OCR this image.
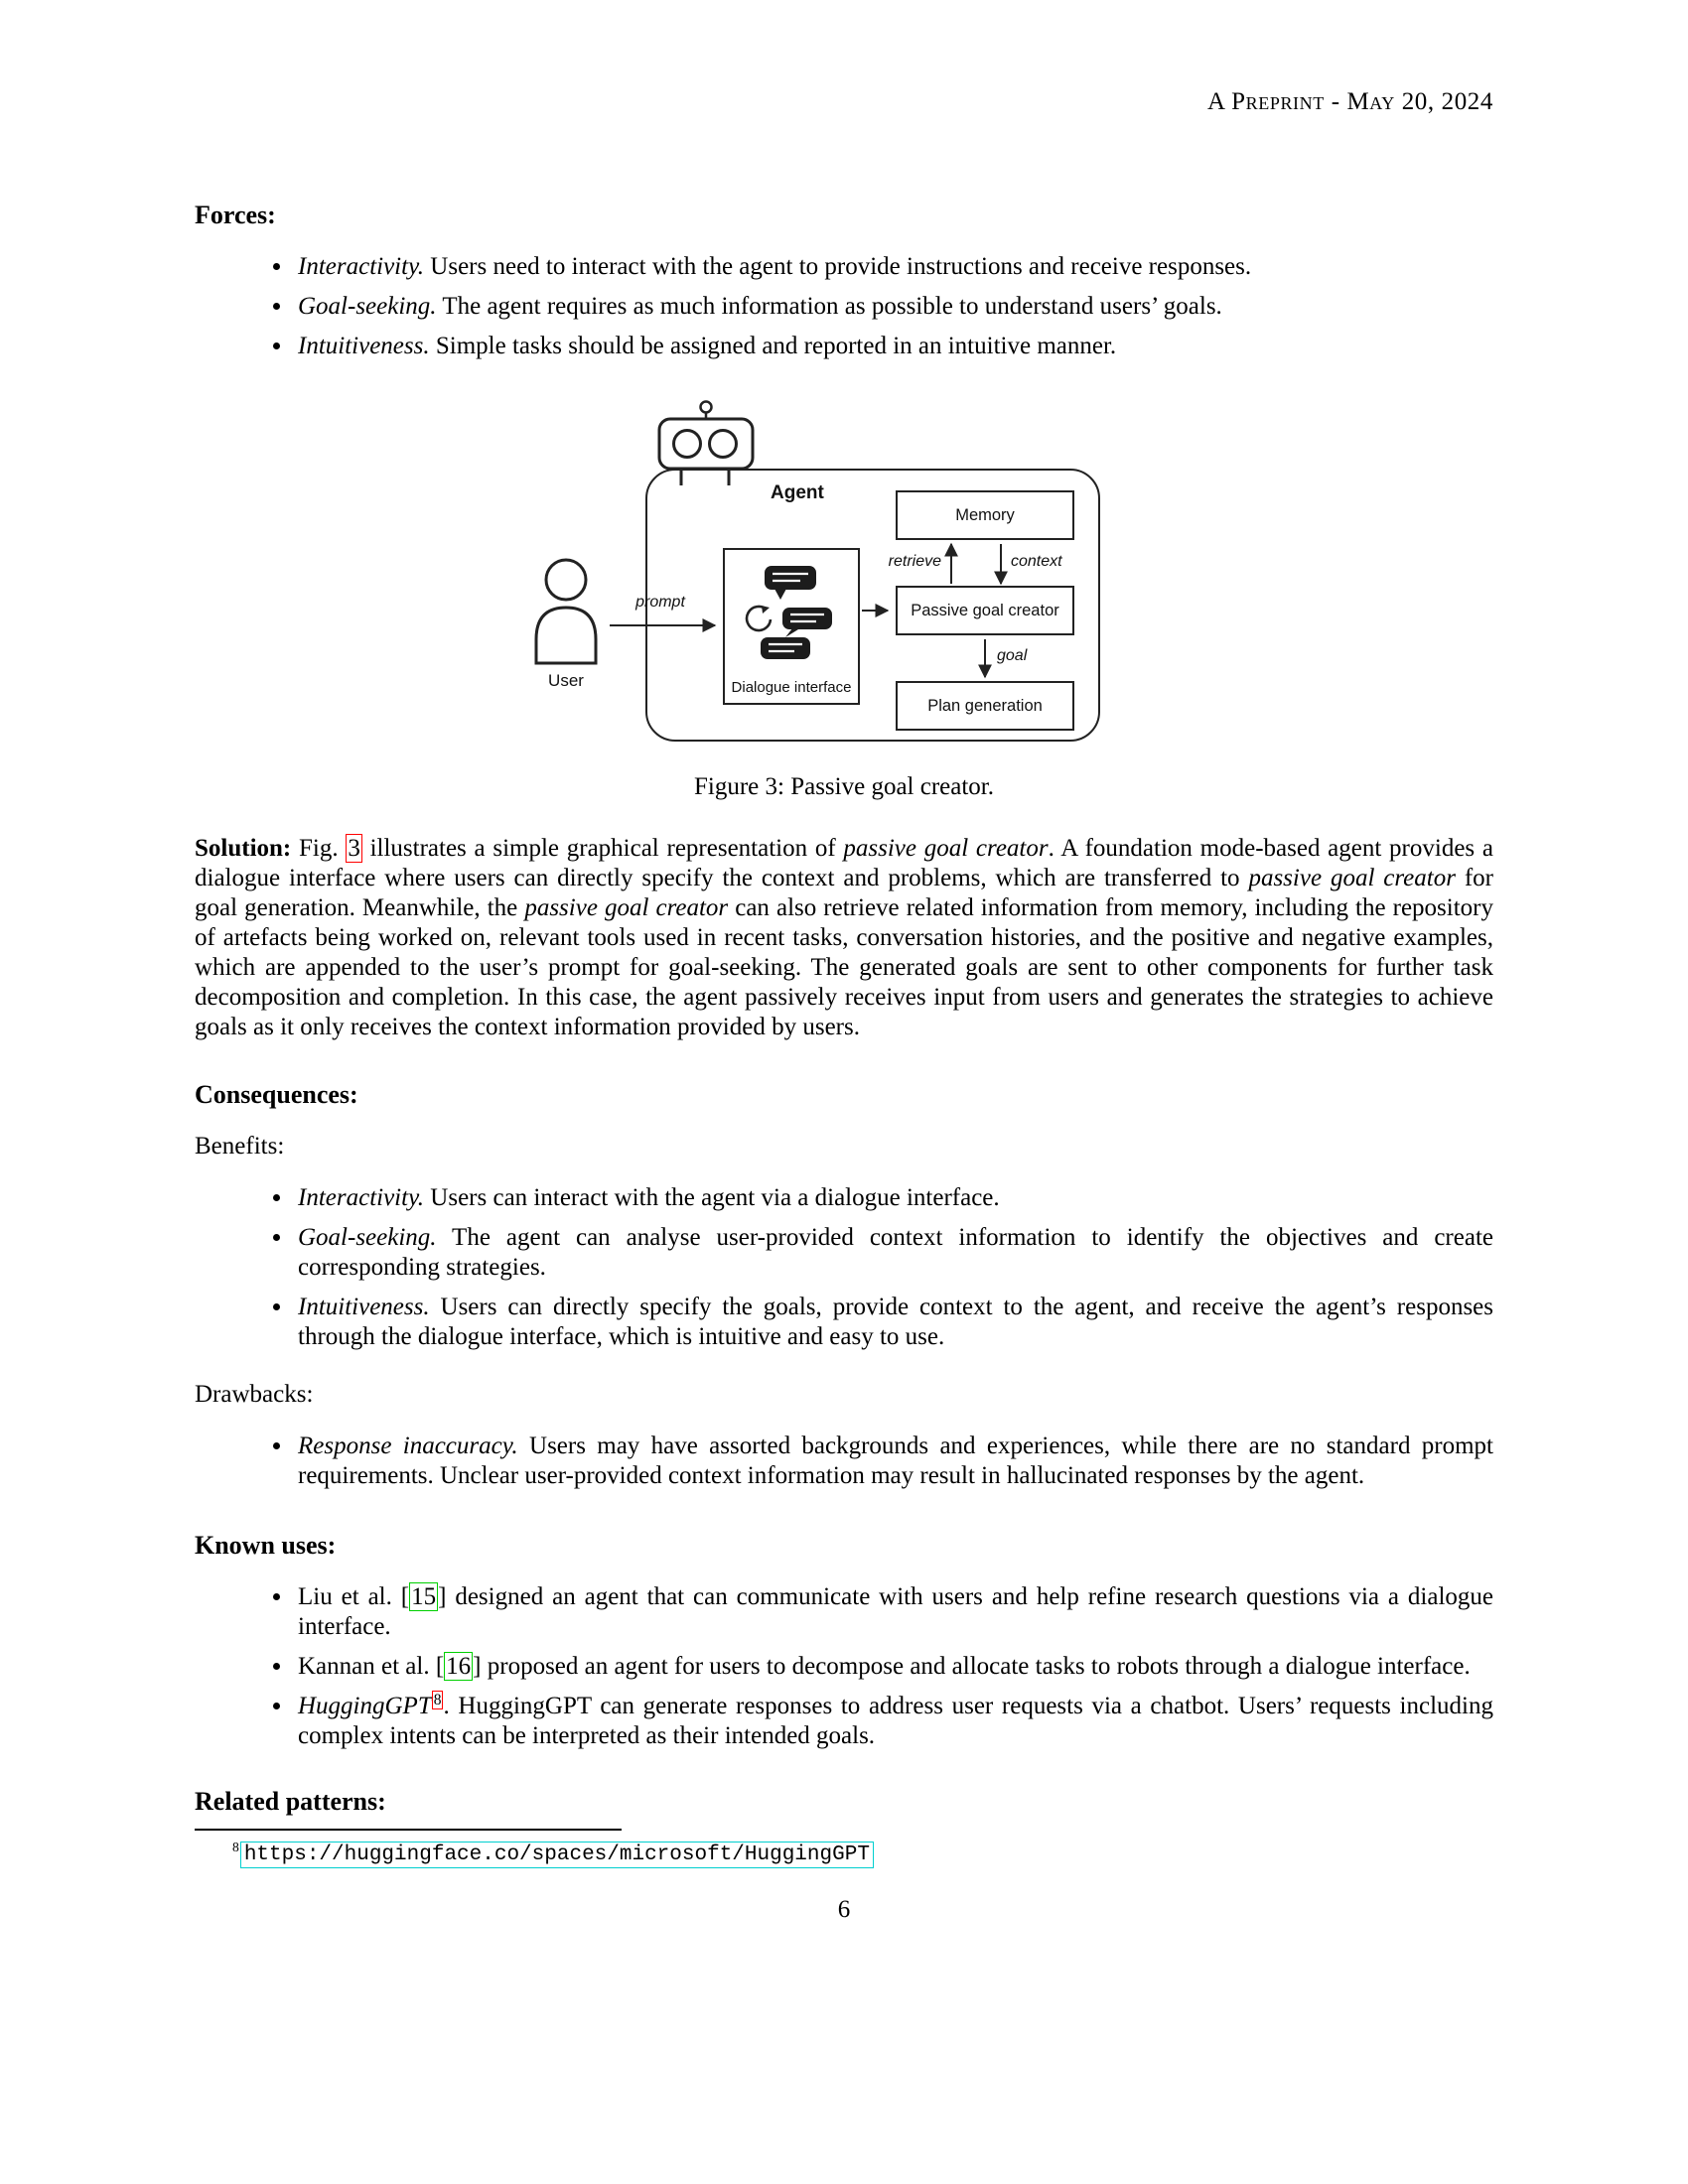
A Preprint - May 20, 2024
Forces:
• Interactivity. Users need to interact with the agent to provide instructions and receive responses.
• Goal-seeking. The agent requires as much information as possible to understand users’ goals.
• Intuitiveness. Simple tasks should be assigned and reported in an intuitive manner.
Agent
Memory
Passive goal creator
Plan generation
Dialogue interface
User
prompt
retrieve	context
goal
Figure 3: Passive goal creator.

Solution: Fig. 3 illustrates a simple graphical representation of passive goal creator. A foundation mode-based agent provides a dialogue interface where users can directly specify the context and problems, which are transferred to passive goal creator for goal generation. Meanwhile, the passive goal creator can also retrieve related information from memory, including the repository of artefacts being worked on, relevant tools used in recent tasks, conversation histories, and the positive and negative examples, which are appended to the user’s prompt for goal-seeking. The generated goals are sent to other components for further task decomposition and completion. In this case, the agent passively receives input from users and generates the strategies to achieve goals as it only receives the context information provided by users.

Consequences:

Benefits:

• Interactivity. Users can interact with the agent via a dialogue interface.
• Goal-seeking. The agent can analyse user-provided context information to identify the objectives and create corresponding strategies.
• Intuitiveness. Users can directly specify the goals, provide context to the agent, and receive the agent’s responses through the dialogue interface, which is intuitive and easy to use.

Drawbacks:

• Response inaccuracy. Users may have assorted backgrounds and experiences, while there are no standard prompt requirements. Unclear user-provided context information may result in hallucinated responses by the agent.
Known uses:
• Liu et al. [15] designed an agent that can communicate with users and help refine research questions via a dialogue interface.
• Kannan et al. [16] proposed an agent for users to decompose and allocate tasks to robots through a dialogue interface.
• HuggingGPT $^8$. HuggingGPT can generate responses to address user requests via a chatbot. Users’ requests including complex intents can be interpreted as their intended goals.
Related patterns:

$^8$ https://huggingface.co/spaces/microsoft/HuggingGPT

6
